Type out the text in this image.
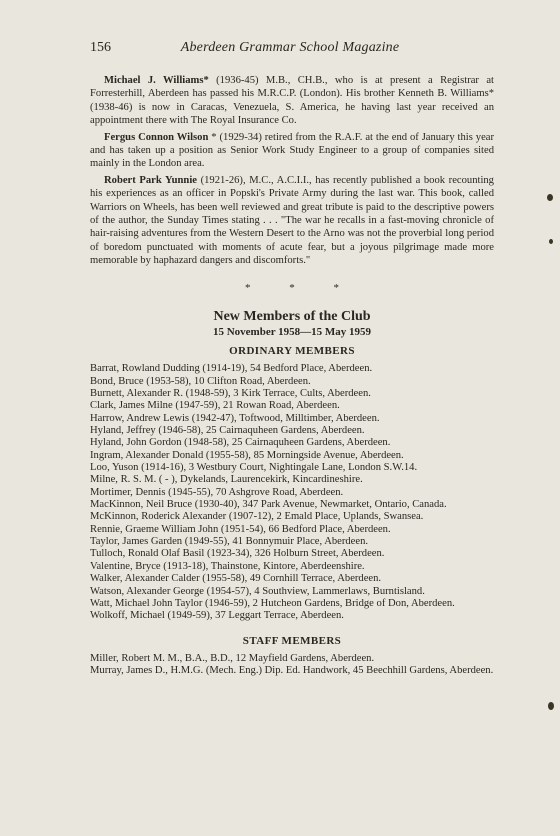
156	Aberdeen Grammar School Magazine

Michael J. Williams* (1936-45) M.B., CH.B., who is at present a Registrar at Forresterhill, Aberdeen has passed his M.R.C.P. (London). His brother Kenneth B. Williams* (1938-46) is now in Caracas, Venezuela, S. America, he having last year received an appointment there with The Royal Insurance Co.

Fergus Connon Wilson * (1929-34) retired from the R.A.F. at the end of January this year and has taken up a position as Senior Work Study Engineer to a group of companies sited mainly in the London area.

Robert Park Yunnie (1921-26), M.C., A.C.I.I., has recently published a book recounting his experiences as an officer in Popski's Private Army during the last war. This book, called Warriors on Wheels, has been well reviewed and great tribute is paid to the descriptive powers of the author, the Sunday Times stating . . . "The war he recalls in a fast-moving chronicle of hair-raising adventures from the Western Desert to the Arno was not the proverbial long period of boredom punctuated with moments of acute fear, but a joyous pilgrimage made more memorable by haphazard dangers and discomforts."

* * *
New Members of the Club
15 November 1958—15 May 1959
ORDINARY MEMBERS
Barrat, Rowland Dudding (1914-19), 54 Bedford Place, Aberdeen.
Bond, Bruce (1953-58), 10 Clifton Road, Aberdeen.
Burnett, Alexander R. (1948-59), 3 Kirk Terrace, Cults, Aberdeen.
Clark, James Milne (1947-59), 21 Rowan Road, Aberdeen.
Harrow, Andrew Lewis (1942-47), Toftwood, Milltimber, Aberdeen.
Hyland, Jeffrey (1946-58), 25 Cairnaquheen Gardens, Aberdeen.
Hyland, John Gordon (1948-58), 25 Cairnaquheen Gardens, Aberdeen.
Ingram, Alexander Donald (1955-58), 85 Morningside Avenue, Aberdeen.
Loo, Yuson (1914-16), 3 Westbury Court, Nightingale Lane, London S.W.14.
Milne, R. S. M. ( - ), Dykelands, Laurencekirk, Kincardineshire.
Mortimer, Dennis (1945-55), 70 Ashgrove Road, Aberdeen.
MacKinnon, Neil Bruce (1930-40), 347 Park Avenue, Newmarket, Ontario, Canada.
McKinnon, Roderick Alexander (1907-12), 2 Emald Place, Uplands, Swansea.
Rennie, Graeme William John (1951-54), 66 Bedford Place, Aberdeen.
Taylor, James Garden (1949-55), 41 Bonnymuir Place, Aberdeen.
Tulloch, Ronald Olaf Basil (1923-34), 326 Holburn Street, Aberdeen.
Valentine, Bryce (1913-18), Thainstone, Kintore, Aberdeenshire.
Walker, Alexander Calder (1955-58), 49 Cornhill Terrace, Aberdeen.
Watson, Alexander George (1954-57), 4 Southview, Lammerlaws, Burntisland.
Watt, Michael John Taylor (1946-59), 2 Hutcheon Gardens, Bridge of Don, Aberdeen.
Wolkoff, Michael (1949-59), 37 Leggart Terrace, Aberdeen.
STAFF MEMBERS
Miller, Robert M. M., B.A., B.D., 12 Mayfield Gardens, Aberdeen.
Murray, James D., H.M.G. (Mech. Eng.) Dip. Ed. Handwork, 45 Beechhill Gardens, Aberdeen.
